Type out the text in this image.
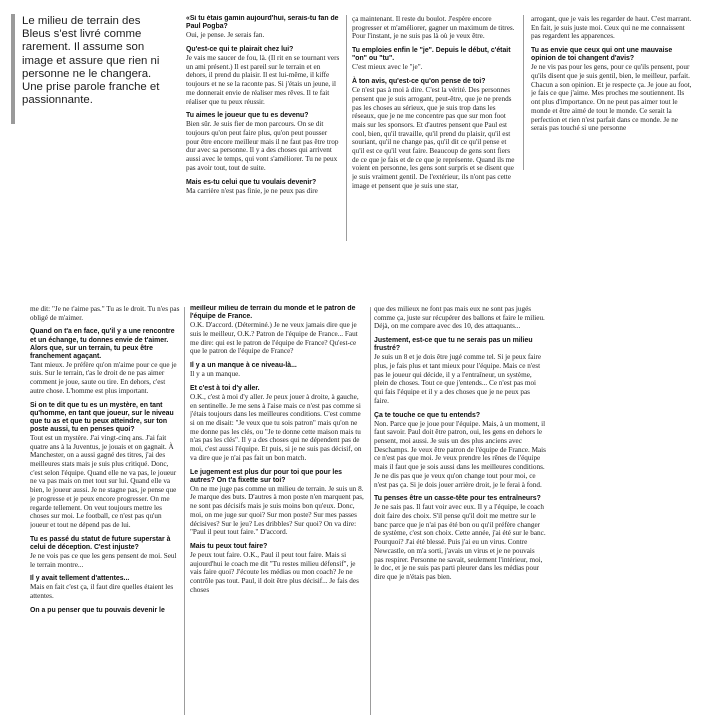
Le milieu de terrain des Bleus s'est livré comme rarement. Il assume son image et assure que rien ni personne ne le changera. Une prise parole franche et passionnante.
«Si tu étais gamin aujourd'hui, serais-tu fan de Paul Pogba?
Oui, je pense. Je serais fan.
Qu'est-ce qui te plairait chez lui?
Je vais me saucer de fou, là. (Il rit en se tournant vers un ami présent.) Il est pareil sur le terrain et en dehors, il prend du plaisir. Il est lui-même, il kiffe toujours et ne se la raconte pas. Si j'étais un jeune, il me donnerait envie de réaliser mes rêves. Il te fait réaliser que tu peux réussir.
Tu aimes le joueur que tu es devenu?
Bien sûr. Je suis fier de mon parcours. On se dit toujours qu'on peut faire plus, qu'on peut pousser pour être encore meilleur mais il ne faut pas être trop dur avec sa personne. Il y a des choses qui arrivent aussi avec le temps, qui vont s'améliorer. Tu ne peux pas avoir tout, tout de suite.
Mais es-tu celui que tu voulais devenir?
Ma carrière n'est pas finie, je ne peux pas dire
ça maintenant. Il reste du boulot. J'espère encore progresser et m'améliorer, gagner un maximum de titres. Pour l'instant, je ne suis pas là où je veux être.
Tu emploies enfin le "je". Depuis le début, c'était "on" ou "tu".
C'est mieux avec le "je".
À ton avis, qu'est-ce qu'on pense de toi?
Ce n'est pas à moi à dire. C'est la vérité. Des personnes pensent que je suis arrogant, peut-être, que je ne prends pas les choses au sérieux, que je suis trop dans les réseaux, que je ne me concentre pas que sur mon foot mais sur les sponsors. Et d'autres pensent que Paul est cool, bien, qu'il travaille, qu'il prend du plaisir, qu'il est souriant, qu'il ne change pas, qu'il dit ce qu'il pense et qu'il est ce qu'il veut faire. Beaucoup de gens sont fiers de ce que je fais et de ce que je représente. Quand ils me voient en personne, les gens sont surpris et se disent que je suis vraiment gentil. De l'extérieur, ils n'ont pas cette image et pensent que je suis une star,
arrogant, que je vais les regarder de haut. C'est marrant. En fait, je suis juste moi. Ceux qui ne me connaissent pas regardent les apparences.
Tu as envie que ceux qui ont une mauvaise opinion de toi changent d'avis?
Je ne vis pas pour les gens, pour ce qu'ils pensent, pour qu'ils disent que je suis gentil, bien, le meilleur, parfait. Chacun a son opinion. Et je respecte ça. Je joue au foot, je fais ce que j'aime. Mes proches me soutiennent. Ils ont plus d'importance. On ne peut pas aimer tout le monde et être aimé de tout le monde. Ce serait la perfection et rien n'est parfait dans ce monde. Je ne serais pas touché si une personne
me dit: "Je ne t'aime pas." Tu as le droit. Tu n'es pas obligé de m'aimer.
Quand on t'a en face, qu'il y a une rencontre et un échange, tu donnes envie de t'aimer. Alors que, sur un terrain, tu peux être franchement agaçant.
Tant mieux. Je préfère qu'on m'aime pour ce que je suis. Sur le terrain, t'as le droit de ne pas aimer comment je joue, saute ou tire. En dehors, c'est autre chose. L'homme est plus important.
Si on te dit que tu es un mystère, en tant qu'homme, en tant que joueur, sur le niveau que tu as et que tu peux atteindre, sur ton poste aussi, tu en penses quoi?
Tout est un mystère. J'ai vingt-cinq ans. J'ai fait quatre ans à la Juventus, je jouais et on gagnait. À Manchester, on a aussi gagné des titres, j'ai des meilleures stats mais je suis plus critiqué. Donc, c'est selon l'équipe. Quand elle ne va pas, le joueur ne va pas mais on met tout sur lui. Quand elle va bien, le joueur aussi. Je ne stagne pas, je pense que je progresse et je peux encore progresser. On me regarde tellement. On veut toujours mettre les choses sur moi. Le football, ce n'est pas qu'un joueur et tout ne dépend pas de lui.
Tu es passé du statut de future superstar à celui de déception. C'est injuste?
Je ne vois pas ce que les gens pensent de moi. Seul le terrain montre...
Il y avait tellement d'attentes...
Mais en fait c'est ça, il faut dire quelles étaient les attentes.
On a pu penser que tu pouvais devenir le
meilleur milieu de terrain du monde et le patron de l'équipe de France.
O.K. D'accord. (Déterminé.) Je ne veux jamais dire que je suis le meilleur, O.K.? Patron de l'équipe de France... Faut me dire: qui est le patron de l'équipe de France? Qu'est-ce que le patron de l'équipe de France?
Il y a un manque à ce niveau-là...
Il y a un manque.
Et c'est à toi d'y aller.
O.K., c'est à moi d'y aller. Je peux jouer à droite, à gauche, en sentinelle. Je me sens à l'aise mais ce n'est pas comme si j'étais toujours dans les meilleures conditions. C'est comme si on me disait: "Je veux que tu sois patron" mais qu'on ne me donne pas les clés, ou "Je te donne cette maison mais tu n'as pas les clés". Il y a des choses qui ne dépendent pas de moi, c'est aussi l'équipe. Et puis, si je ne suis pas décisif, on va dire que je n'ai pas fait un bon match.
Le jugement est plus dur pour toi que pour les autres? On t'a fixette sur toi?
On ne me juge pas comme un milieu de terrain. Je suis un 8. Je marque des buts. D'autres à mon poste n'en marquent pas, ne sont pas décisifs mais je suis moins bon qu'eux. Donc, moi, on me juge sur quoi? Sur mon poste? Sur mes passes décisives? Sur le jeu? Les dribbles? Sur quoi? On va dire: "Paul il peut tout faire." D'accord.
Mais tu peux tout faire?
Je peux tout faire. O.K., Paul il peut tout faire. Mais si aujourd'hui le coach me dit "Tu restes milieu défensif", je vais faire quoi? J'écoute les médias ou mon coach? Je ne contrôle pas tout. Paul, il doit être plus décisif... Je fais des choses
que des milieux ne font pas mais eux ne sont pas jugés comme ça, juste sur récupérer des ballons et faire le milieu. Déjà, on me compare avec des 10, des attaquants...
Justement, est-ce que tu ne serais pas un milieu frustré?
Je suis un 8 et je dois être jugé comme tel. Si je peux faire plus, je fais plus et tant mieux pour l'équipe. Mais ce n'est pas le joueur qui décide, il y a l'entraîneur, un système, plein de choses. Tout ce que j'entends... Ce n'est pas moi qui fais l'équipe et il y a des choses que je ne peux pas faire.
Ça te touche ce que tu entends?
Non. Parce que je joue pour l'équipe. Mais, à un moment, il faut savoir. Paul doit être patron, oui, les gens en dehors le pensent, moi aussi. Je suis un des plus anciens avec Deschamps. Je veux être patron de l'équipe de France. Mais ce n'est pas que moi. Je veux prendre les rênes de l'équipe mais il faut que je sois aussi dans les meilleures conditions. Je ne dis pas que je veux qu'on change tout pour moi, ce n'est pas ça. Si je dois jouer arrière droit, je le ferai à fond.
Tu penses être un casse-tête pour tes entraîneurs?
Je ne sais pas. Il faut voir avec eux. Il y a l'équipe, le coach doit faire des choix. S'il pense qu'il doit me mettre sur le banc parce que je n'ai pas été bon ou qu'il préfère changer de système, c'est son choix. Cette année, j'ai été sur le banc. Pourquoi? J'ai été blessé. Puis j'ai eu un virus. Contre Newcastle, on m'a sorti, j'avais un virus et je ne pouvais pas respirer. Personne ne savait, seulement l'intérieur, moi, le doc, et je ne suis pas parti pleurer dans les médias pour dire que je n'étais pas bien.
